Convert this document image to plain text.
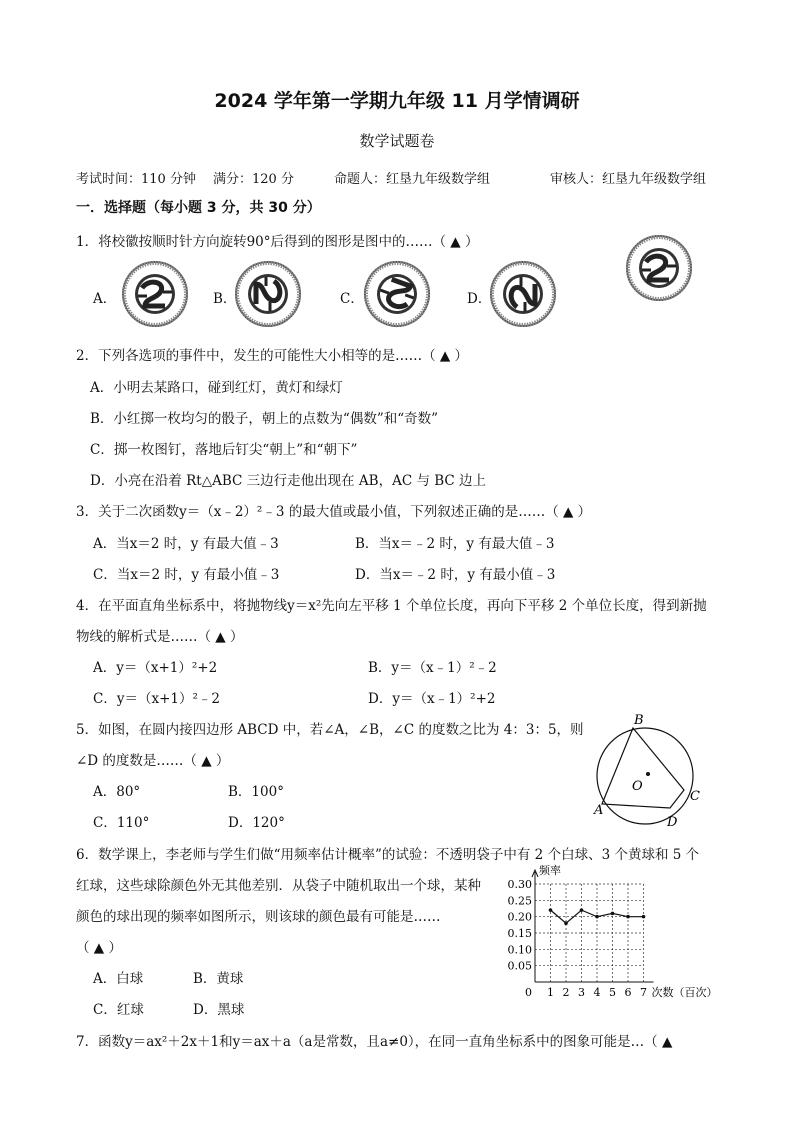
2024 学年第一学期九年级 11 月学情调研
数学试题卷
考试时间：110 分钟 满分：120 分	命题人：红垦九年级数学组	审核人：红垦九年级数学组
一．选择题（每小题 3 分，共 30 分）
1．将校徽按顺时针方向旋转90°后得到的图形是图中的……（ ▲ ）
A．	B．	C．	D．
2．下列各选项的事件中，发生的可能性大小相等的是……（ ▲ ）
A．小明去某路口，碰到红灯，黄灯和绿灯
B．小红掷一枚均匀的骰子，朝上的点数为“偶数”和“奇数”
C．掷一枚图钉，落地后钉尖“朝上”和“朝下”
D．小亮在沿着 Rt△ABC 三边行走他出现在 AB，AC 与 BC 边上
3．关于二次函数y＝（x﹣2）²﹣3 的最大值或最小值，下列叙述正确的是……（ ▲ ）
A．当x＝2 时，y 有最大值﹣3	B．当x＝﹣2 时，y 有最大值﹣3
C．当x＝2 时，y 有最小值﹣3	D．当x＝﹣2 时，y 有最小值﹣3
4．在平面直角坐标系中，将抛物线y＝x²先向左平移 1 个单位长度，再向下平移 2 个单位长度，得到新抛
物线的解析式是……（ ▲ ）
A．y＝（x+1）²+2	B．y＝（x﹣1）²﹣2
C．y＝（x+1）²﹣2	D．y＝（x﹣1）²+2
5．如图，在圆内接四边形 ABCD 中，若∠A，∠B，∠C 的度数之比为 4：3：5，则
∠D 的度数是……（ ▲ ）
A．80°	B．100°
C．110°	D．120°
B
A
C
D
O
6．数学课上，李老师与学生们做“用频率估计概率”的试验：不透明袋子中有 2 个白球、3 个黄球和 5 个
红球，这些球除颜色外无其他差别．从袋子中随机取出一个球，某种
颜色的球出现的频率如图所示，则该球的颜色最有可能是……
（ ▲ ）
A．白球	B．黄球
C．红球	D．黑球
0.05
0.10
0.15
0.20
0.25
0.30
1 2 3 4 5 6 7
频率
次数（百次）
0
7．函数y＝ax²＋2x＋1和y＝ax＋a（a是常数，且a≠0），在同一直角坐标系中的图象可能是…（ ▲
